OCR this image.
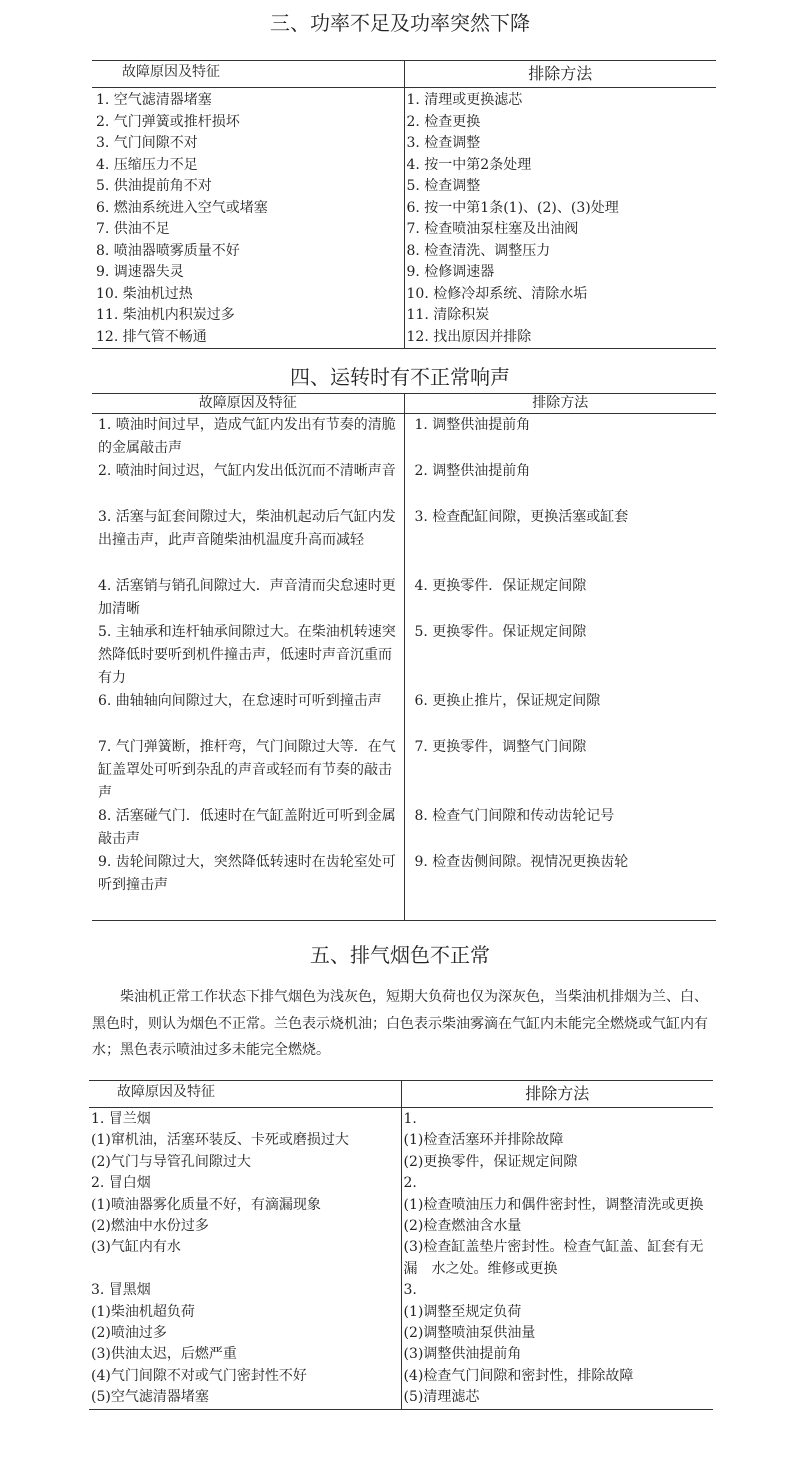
三、功率不足及功率突然下降
故障原因及特征	排除方法
1. 空气滤清器堵塞	1. 清理或更换滤芯
2. 气门弹簧或推杆损坏	2. 检查更换
3. 气门间隙不对	3. 检查调整
4. 压缩压力不足	4. 按一中第2条处理
5. 供油提前角不对	5. 检查调整
6. 燃油系统进入空气或堵塞	6. 按一中第1条(1)、(2)、(3)处理
7. 供油不足	7. 检查喷油泵柱塞及出油阀
8. 喷油器喷雾质量不好	8. 检查清洗、调整压力
9. 调速器失灵	9. 检修调速器
10. 柴油机过热	10. 检修冷却系统、清除水垢
11. 柴油机内积炭过多	11. 清除积炭
12. 排气管不畅通	12. 找出原因并排除
四、运转时有不正常响声
故障原因及特征	排除方法
1. 喷油时间过早，造成气缸内发出有节奏的清脆的金属敲击声	1. 调整供油提前角
2. 喷油时间过迟，气缸内发出低沉而不清晰声音	2. 调整供油提前角
3. 活塞与缸套间隙过大，柴油机起动后气缸内发出撞击声，此声音随柴油机温度升高而减轻	3. 检查配缸间隙，更换活塞或缸套
4. 活塞销与销孔间隙过大．声音清而尖怠速时更加清晰	4. 更换零件．保证规定间隙
5. 主轴承和连杆轴承间隙过大。在柴油机转速突然降低时要听到机件撞击声，低速时声音沉重而有力	5. 更换零件。保证规定间隙
6. 曲轴轴向间隙过大，在怠速时可听到撞击声	6. 更换止推片，保证规定间隙
7. 气门弹簧断，推杆弯，气门间隙过大等．在气　缸盖罩处可听到杂乱的声音或轻而有节奏的敲击声	7. 更换零件，调整气门间隙
8. 活塞碰气门．低速时在气缸盖附近可听到金属敲击声	8. 检查气门间隙和传动齿轮记号
9. 齿轮间隙过大，突然降低转速时在齿轮室处可听到撞击声	9. 检查齿侧间隙。视情况更换齿轮
五、排气烟色不正常

柴油机正常工作状态下排气烟色为浅灰色，短期大负荷也仅为深灰色，当柴油机排烟为兰、白、黑色时，则认为烟色不正常。兰色表示烧机油；白色表示柴油雾滴在气缸内未能完全燃烧或气缸内有水；黑色表示喷油过多未能完全燃烧。

故障原因及特征	排除方法
1. 冒兰烟	1.
(1)窜机油，活塞环装反、卡死或磨损过大	(1)检查活塞环并排除故障
(2)气门与导管孔间隙过大	(2)更换零件，保证规定间隙
2. 冒白烟	2.
(1)喷油器雾化质量不好，有滴漏现象	(1)检查喷油压力和偶件密封性，调整清洗或更换
(2)燃油中水份过多	(2)检查燃油含水量
(3)气缸内有水	(3)检查缸盖垫片密封性。检查气缸盖、缸套有无漏　水之处。维修或更换
3. 冒黑烟	3.
(1)柴油机超负荷	(1)调整至规定负荷
(2)喷油过多	(2)调整喷油泵供油量
(3)供油太迟，后燃严重	(3)调整供油提前角
(4)气门间隙不对或气门密封性不好	(4)检查气门间隙和密封性，排除故障
(5)空气滤清器堵塞	(5)清理滤芯
